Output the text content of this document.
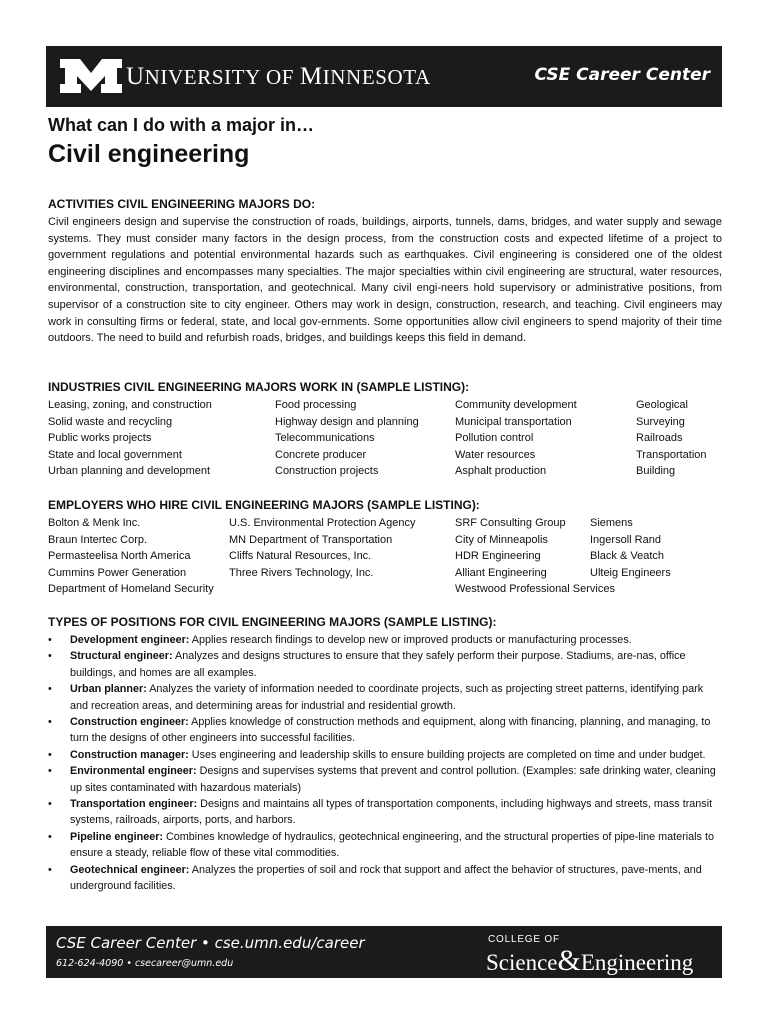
UNIVERSITY OF MINNESOTA	CSE Career Center
What can I do with a major in…
Civil engineering
ACTIVITIES CIVIL ENGINEERING MAJORS DO:
Civil engineers design and supervise the construction of roads, buildings, airports, tunnels, dams, bridges, and water supply and sewage systems. They must consider many factors in the design process, from the construction costs and expected lifetime of a project to government regulations and potential environmental hazards such as earthquakes. Civil engineering is considered one of the oldest engineering disciplines and encompasses many specialties. The major specialties within civil engineering are structural, water resources, environmental, construction, transportation, and geotechnical. Many civil engi-neers hold supervisory or administrative positions, from supervisor of a construction site to city engineer. Others may work in design, construction, research, and teaching. Civil engineers may work in consulting firms or federal, state, and local gov-ernments. Some opportunities allow civil engineers to spend majority of their time outdoors. The need to build and refurbish roads, bridges, and buildings keeps this field in demand.
INDUSTRIES CIVIL ENGINEERING MAJORS WORK IN (SAMPLE LISTING):
Leasing, zoning, and construction
Solid waste and recycling
Public works projects
State and local government
Urban planning and development
Food processing
Highway design and planning
Telecommunications
Concrete producer
Construction projects
Community development
Municipal transportation
Pollution control
Water resources
Asphalt production
Geological
Surveying
Railroads
Transportation
Building
EMPLOYERS WHO HIRE CIVIL ENGINEERING MAJORS (SAMPLE LISTING):
Bolton & Menk Inc.
Braun Intertec Corp.
Permasteelisa North America
Cummins Power Generation
Department of Homeland Security
U.S. Environmental Protection Agency
MN Department of Transportation
Cliffs Natural Resources, Inc.
Three Rivers Technology, Inc.
SRF Consulting Group
City of Minneapolis
HDR Engineering
Alliant Engineering
Westwood Professional Services
Siemens
Ingersoll Rand
Black & Veatch
Ulteig Engineers
TYPES OF POSITIONS FOR CIVIL ENGINEERING MAJORS (SAMPLE LISTING):
• Development engineer: Applies research findings to develop new or improved products or manufacturing processes.
• Structural engineer: Analyzes and designs structures to ensure that they safely perform their purpose. Stadiums, are-nas, office buildings, and homes are all examples.
• Urban planner: Analyzes the variety of information needed to coordinate projects, such as projecting street patterns, identifying park and recreation areas, and determining areas for industrial and residential growth.
• Construction engineer: Applies knowledge of construction methods and equipment, along with financing, planning, and managing, to turn the designs of other engineers into successful facilities.
• Construction manager: Uses engineering and leadership skills to ensure building projects are completed on time and under budget.
• Environmental engineer: Designs and supervises systems that prevent and control pollution. (Examples: safe drinking water, cleaning up sites contaminated with hazardous materials)
• Transportation engineer: Designs and maintains all types of transportation components, including highways and streets, mass transit systems, railroads, airports, ports, and harbors.
• Pipeline engineer: Combines knowledge of hydraulics, geotechnical engineering, and the structural properties of pipe-line materials to ensure a steady, reliable flow of these vital commodities.
• Geotechnical engineer: Analyzes the properties of soil and rock that support and affect the behavior of structures, pave-ments, and underground facilities.
CSE Career Center • cse.umn.edu/career
612-624-4090 • csecareer@umn.edu
COLLEGE OF
Science&Engineering
